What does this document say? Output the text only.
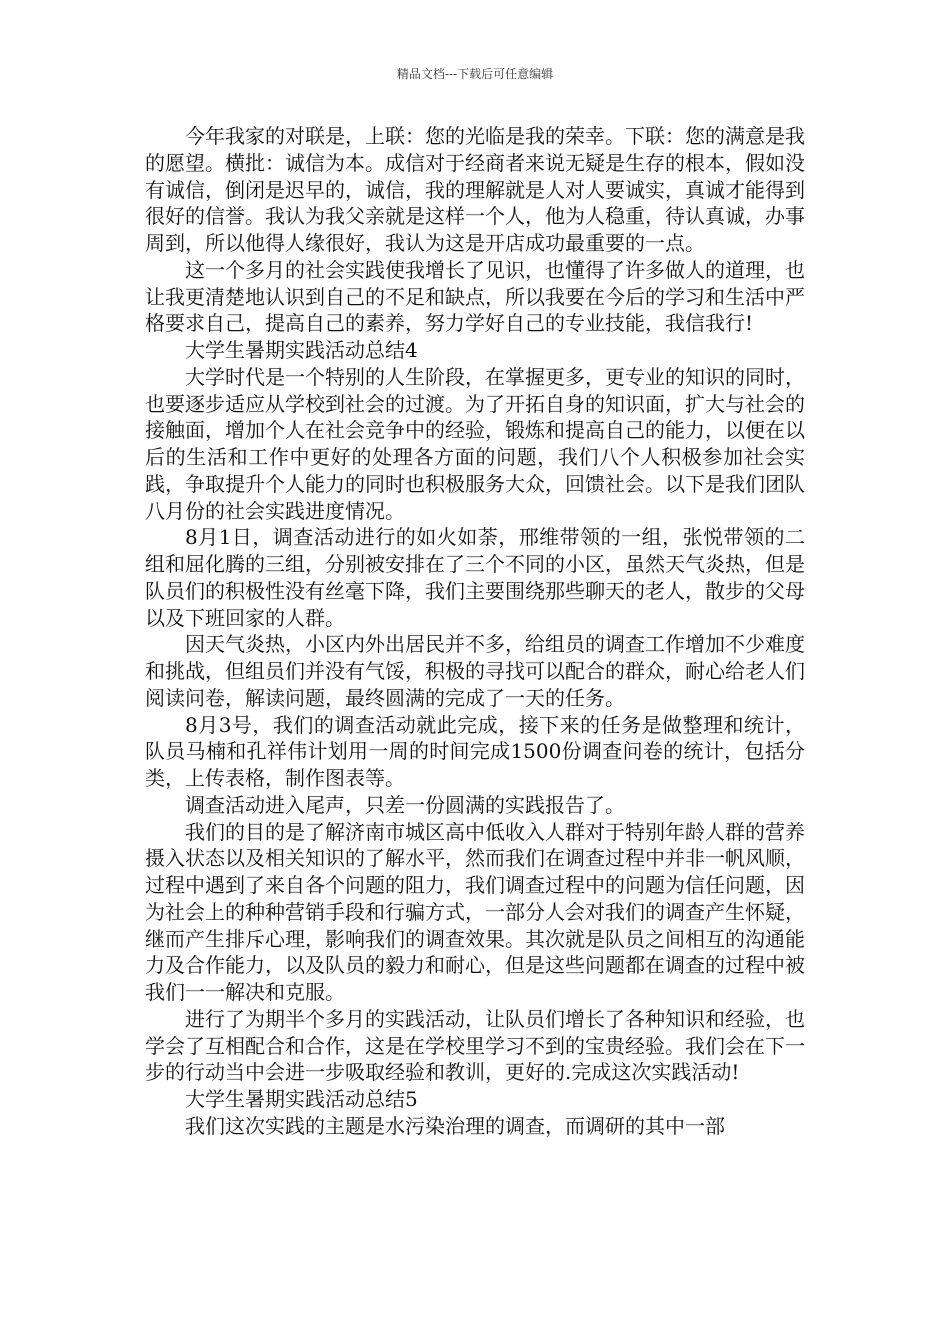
精品文档---下载后可任意编辑

今年我家的对联是，上联：您的光临是我的荣幸。下联：您的满意是我的愿望。横批：诚信为本。成信对于经商者来说无疑是生存的根本，假如没有诚信，倒闭是迟早的，诚信，我的理解就是人对人要诚实，真诚才能得到很好的信誉。我认为我父亲就是这样一个人，他为人稳重，待认真诚，办事周到，所以他得人缘很好，我认为这是开店成功最重要的一点。

这一个多月的社会实践使我增长了见识，也懂得了许多做人的道理，也让我更清楚地认识到自己的不足和缺点，所以我要在今后的学习和生活中严格要求自己，提高自己的素养，努力学好自己的专业技能，我信我行!

大学生暑期实践活动总结4

大学时代是一个特别的人生阶段，在掌握更多，更专业的知识的同时，也要逐步适应从学校到社会的过渡。为了开拓自身的知识面，扩大与社会的接触面，增加个人在社会竞争中的经验，锻炼和提高自己的能力，以便在以后的生活和工作中更好的处理各方面的问题，我们八个人积极参加社会实践，争取提升个人能力的同时也积极服务大众，回馈社会。以下是我们团队八月份的社会实践进度情况。

8月1日，调查活动进行的如火如荼，邢维带领的一组，张悦带领的二组和屈化腾的三组，分别被安排在了三个不同的小区，虽然天气炎热，但是队员们的积极性没有丝毫下降，我们主要围绕那些聊天的老人，散步的父母以及下班回家的人群。

因天气炎热，小区内外出居民并不多，给组员的调查工作增加不少难度和挑战，但组员们并没有气馁，积极的寻找可以配合的群众，耐心给老人们阅读问卷，解读问题，最终圆满的完成了一天的任务。

8月3号，我们的调查活动就此完成，接下来的任务是做整理和统计，队员马楠和孔祥伟计划用一周的时间完成1500份调查问卷的统计，包括分类，上传表格，制作图表等。

调查活动进入尾声，只差一份圆满的实践报告了。

我们的目的是了解济南市城区高中低收入人群对于特别年龄人群的营养摄入状态以及相关知识的了解水平，然而我们在调查过程中并非一帆风顺，过程中遇到了来自各个问题的阻力，我们调查过程中的问题为信任问题，因为社会上的种种营销手段和行骗方式，一部分人会对我们的调查产生怀疑，继而产生排斥心理，影响我们的调查效果。其次就是队员之间相互的沟通能力及合作能力，以及队员的毅力和耐心，但是这些问题都在调查的过程中被我们一一解决和克服。

进行了为期半个多月的实践活动，让队员们增长了各种知识和经验，也学会了互相配合和合作，这是在学校里学习不到的宝贵经验。我们会在下一步的行动当中会进一步吸取经验和教训，更好的.完成这次实践活动!

大学生暑期实践活动总结5

我们这次实践的主题是水污染治理的调查，而调研的其中一部
